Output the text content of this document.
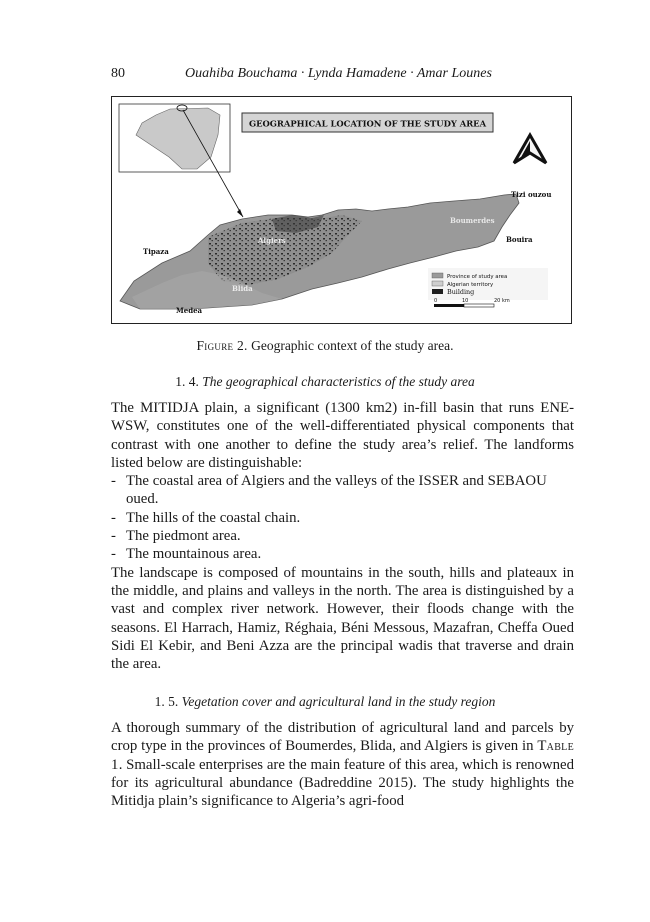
80	Ouahiba Bouchama · Lynda Hamadene · Amar Lounes
GEOGRAPHICAL LOCATION OF THE STUDY AREA
Tizi ouzou
Boumerdes
Bouira
Tipaza
Algiers
Blida
Medea
Province of study area
Algerian territory
Building
0	10	20 km
Figure 2. Geographic context of the study area.
1. 4. The geographical characteristics of the study area

The MITIDJA plain, a significant (1300 km2) in-fill basin that runs ENE-WSW, constitutes one of the well-differentiated physical components that contrast with one another to define the study area’s relief. The landforms listed below are distinguishable:

- The coastal area of Algiers and the valleys of the ISSER and SEBAOU oued.
- The hills of the coastal chain.
- The piedmont area.
- The mountainous area.

The landscape is composed of mountains in the south, hills and plateaux in the middle, and plains and valleys in the north. The area is distinguished by a vast and complex river network. However, their floods change with the seasons. El Harrach, Hamiz, Réghaia, Béni Messous, Mazafran, Cheffa Oued Sidi El Kebir, and Beni Azza are the principal wadis that traverse and drain the area.

1. 5. Vegetation cover and agricultural land in the study region

A thorough summary of the distribution of agricultural land and parcels by crop type in the provinces of Boumerdes, Blida, and Algiers is given in Table 1. Small-scale enterprises are the main feature of this area, which is renowned for its agricultural abundance (Badreddine 2015). The study highlights the Mitidja plain’s significance to Algeria’s agri-food
